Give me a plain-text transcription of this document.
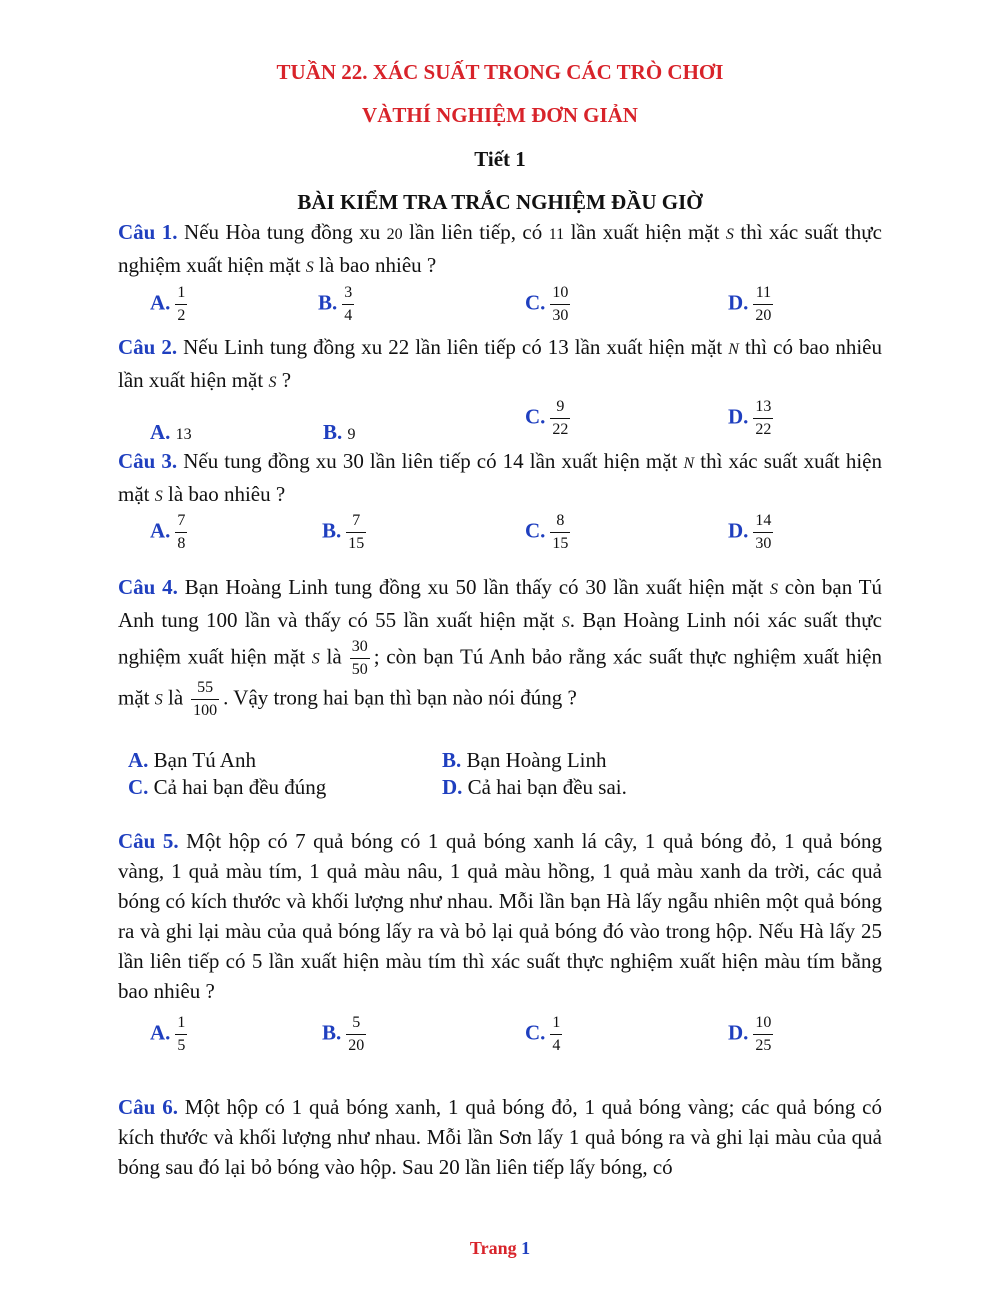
TUẦN 22. XÁC SUẤT TRONG CÁC TRÒ CHƠI
VÀTHÍ NGHIỆM ĐƠN GIẢN
Tiết 1
BÀI KIỂM TRA TRẮC NGHIỆM ĐẦU GIỜ
Câu 1. Nếu Hòa tung đồng xu 20 lần liên tiếp, có 11 lần xuất hiện mặt S thì xác suất thực nghiệm xuất hiện mặt S là bao nhiêu ?
A. $\frac{1}{2}$	B. $\frac{3}{4}$	C. $\frac{10}{30}$	D. $\frac{11}{20}$
Câu 2. Nếu Linh tung đồng xu 22 lần liên tiếp có 13 lần xuất hiện mặt N thì có bao nhiêu lần xuất hiện mặt S ?
A. 13	B. 9
C. $\frac{9}{22}$	D. $\frac{13}{22}$
Câu 3. Nếu tung đồng xu 30 lần liên tiếp có 14 lần xuất hiện mặt N thì xác suất xuất hiện mặt S là bao nhiêu ?
A. $\frac{7}{8}$	B. $\frac{7}{15}$	C. $\frac{8}{15}$	D. $\frac{14}{30}$
Câu 4. Bạn Hoàng Linh tung đồng xu 50 lần thấy có 30 lần xuất hiện mặt S còn bạn Tú Anh tung 100 lần và thấy có 55 lần xuất hiện mặt S. Bạn Hoàng Linh nói xác suất thực nghiệm xuất hiện mặt S là $\frac{30}{50}$ ; còn bạn Tú Anh bảo rằng xác suất thực nghiệm xuất hiện mặt S là $\frac{55}{100}$ . Vậy trong hai bạn thì bạn nào nói đúng ?
A. Bạn Tú Anh	B. Bạn Hoàng Linh
C. Cả hai bạn đều đúng	D. Cả hai bạn đều sai.
Câu 5. Một hộp có 7 quả bóng có 1 quả bóng xanh lá cây, 1 quả bóng đỏ, 1 quả bóng vàng, 1 quả màu tím, 1 quả màu nâu, 1 quả màu hồng, 1 quả màu xanh da trời, các quả bóng có kích thước và khối lượng như nhau. Mỗi lần bạn Hà lấy ngẫu nhiên một quả bóng ra và ghi lại màu của quả bóng lấy ra và bỏ lại quả bóng đó vào trong hộp. Nếu Hà lấy 25 lần liên tiếp có 5 lần xuất hiện màu tím thì xác suất thực nghiệm xuất hiện màu tím bằng bao nhiêu ?
A. $\frac{1}{5}$	B. $\frac{5}{20}$	C. $\frac{1}{4}$	D. $\frac{10}{25}$
Câu 6. Một hộp có 1 quả bóng xanh, 1 quả bóng đỏ, 1 quả bóng vàng; các quả bóng có kích thước và khối lượng như nhau. Mỗi lần Sơn lấy 1 quả bóng ra và ghi lại màu của quả bóng sau đó lại bỏ bóng vào hộp. Sau 20 lần liên tiếp lấy bóng, có
Trang 1
